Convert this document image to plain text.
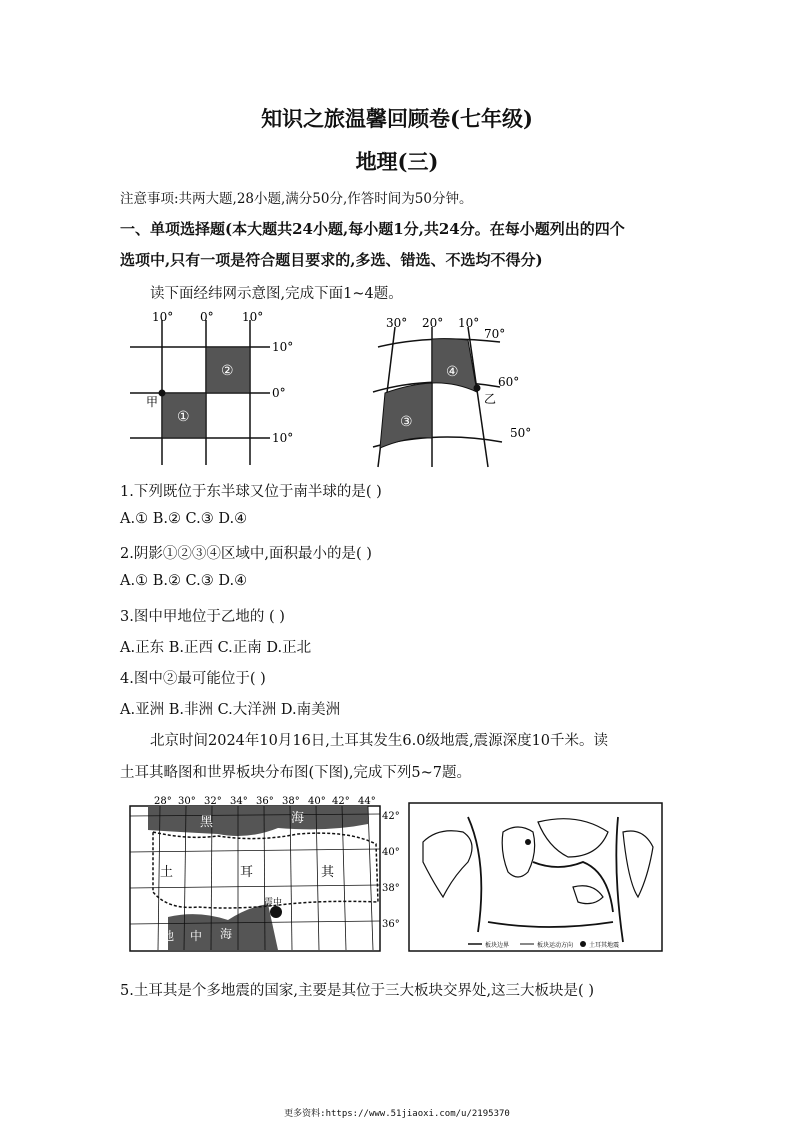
知识之旅温馨回顾卷(七年级)
地理(三)
注意事项:共两大题,28小题,满分50分,作答时间为50分钟。
一、单项选择题(本大题共24小题,每小题1分,共24分。在每小题列出的四个
选项中,只有一项是符合题目要求的,多选、错选、不选均不得分)
读下面经纬网示意图,完成下面1~4题。
10° 0° 10°
10°
0°
10°
甲
①
②
30° 20° 10°
70°
60°
50°
乙
④
③
1.下列既位于东半球又位于南半球的是( )
A.① B.② C.③ D.④
2.阴影①②③④区域中,面积最小的是( )
A.① B.② C.③ D.④
3.图中甲地位于乙地的 ( )
A.正东 B.正西 C.正南 D.正北
4.图中②最可能位于( )
A.亚洲 B.非洲 C.大洋洲 D.南美洲
北京时间2024年10月16日,土耳其发生6.0级地震,震源深度10千米。读
土耳其略图和世界板块分布图(下图),完成下列5~7题。
28° 30° 32° 34° 36° 38° 40° 42° 44°
42°
40°
38°
36°
黑	海
土	耳	其
地 中 海
震中
板块边界	板块运动方向	土耳其地震
5.土耳其是个多地震的国家,主要是其位于三大板块交界处,这三大板块是( )
更多资料:https://www.51jiaoxi.com/u/2195370
